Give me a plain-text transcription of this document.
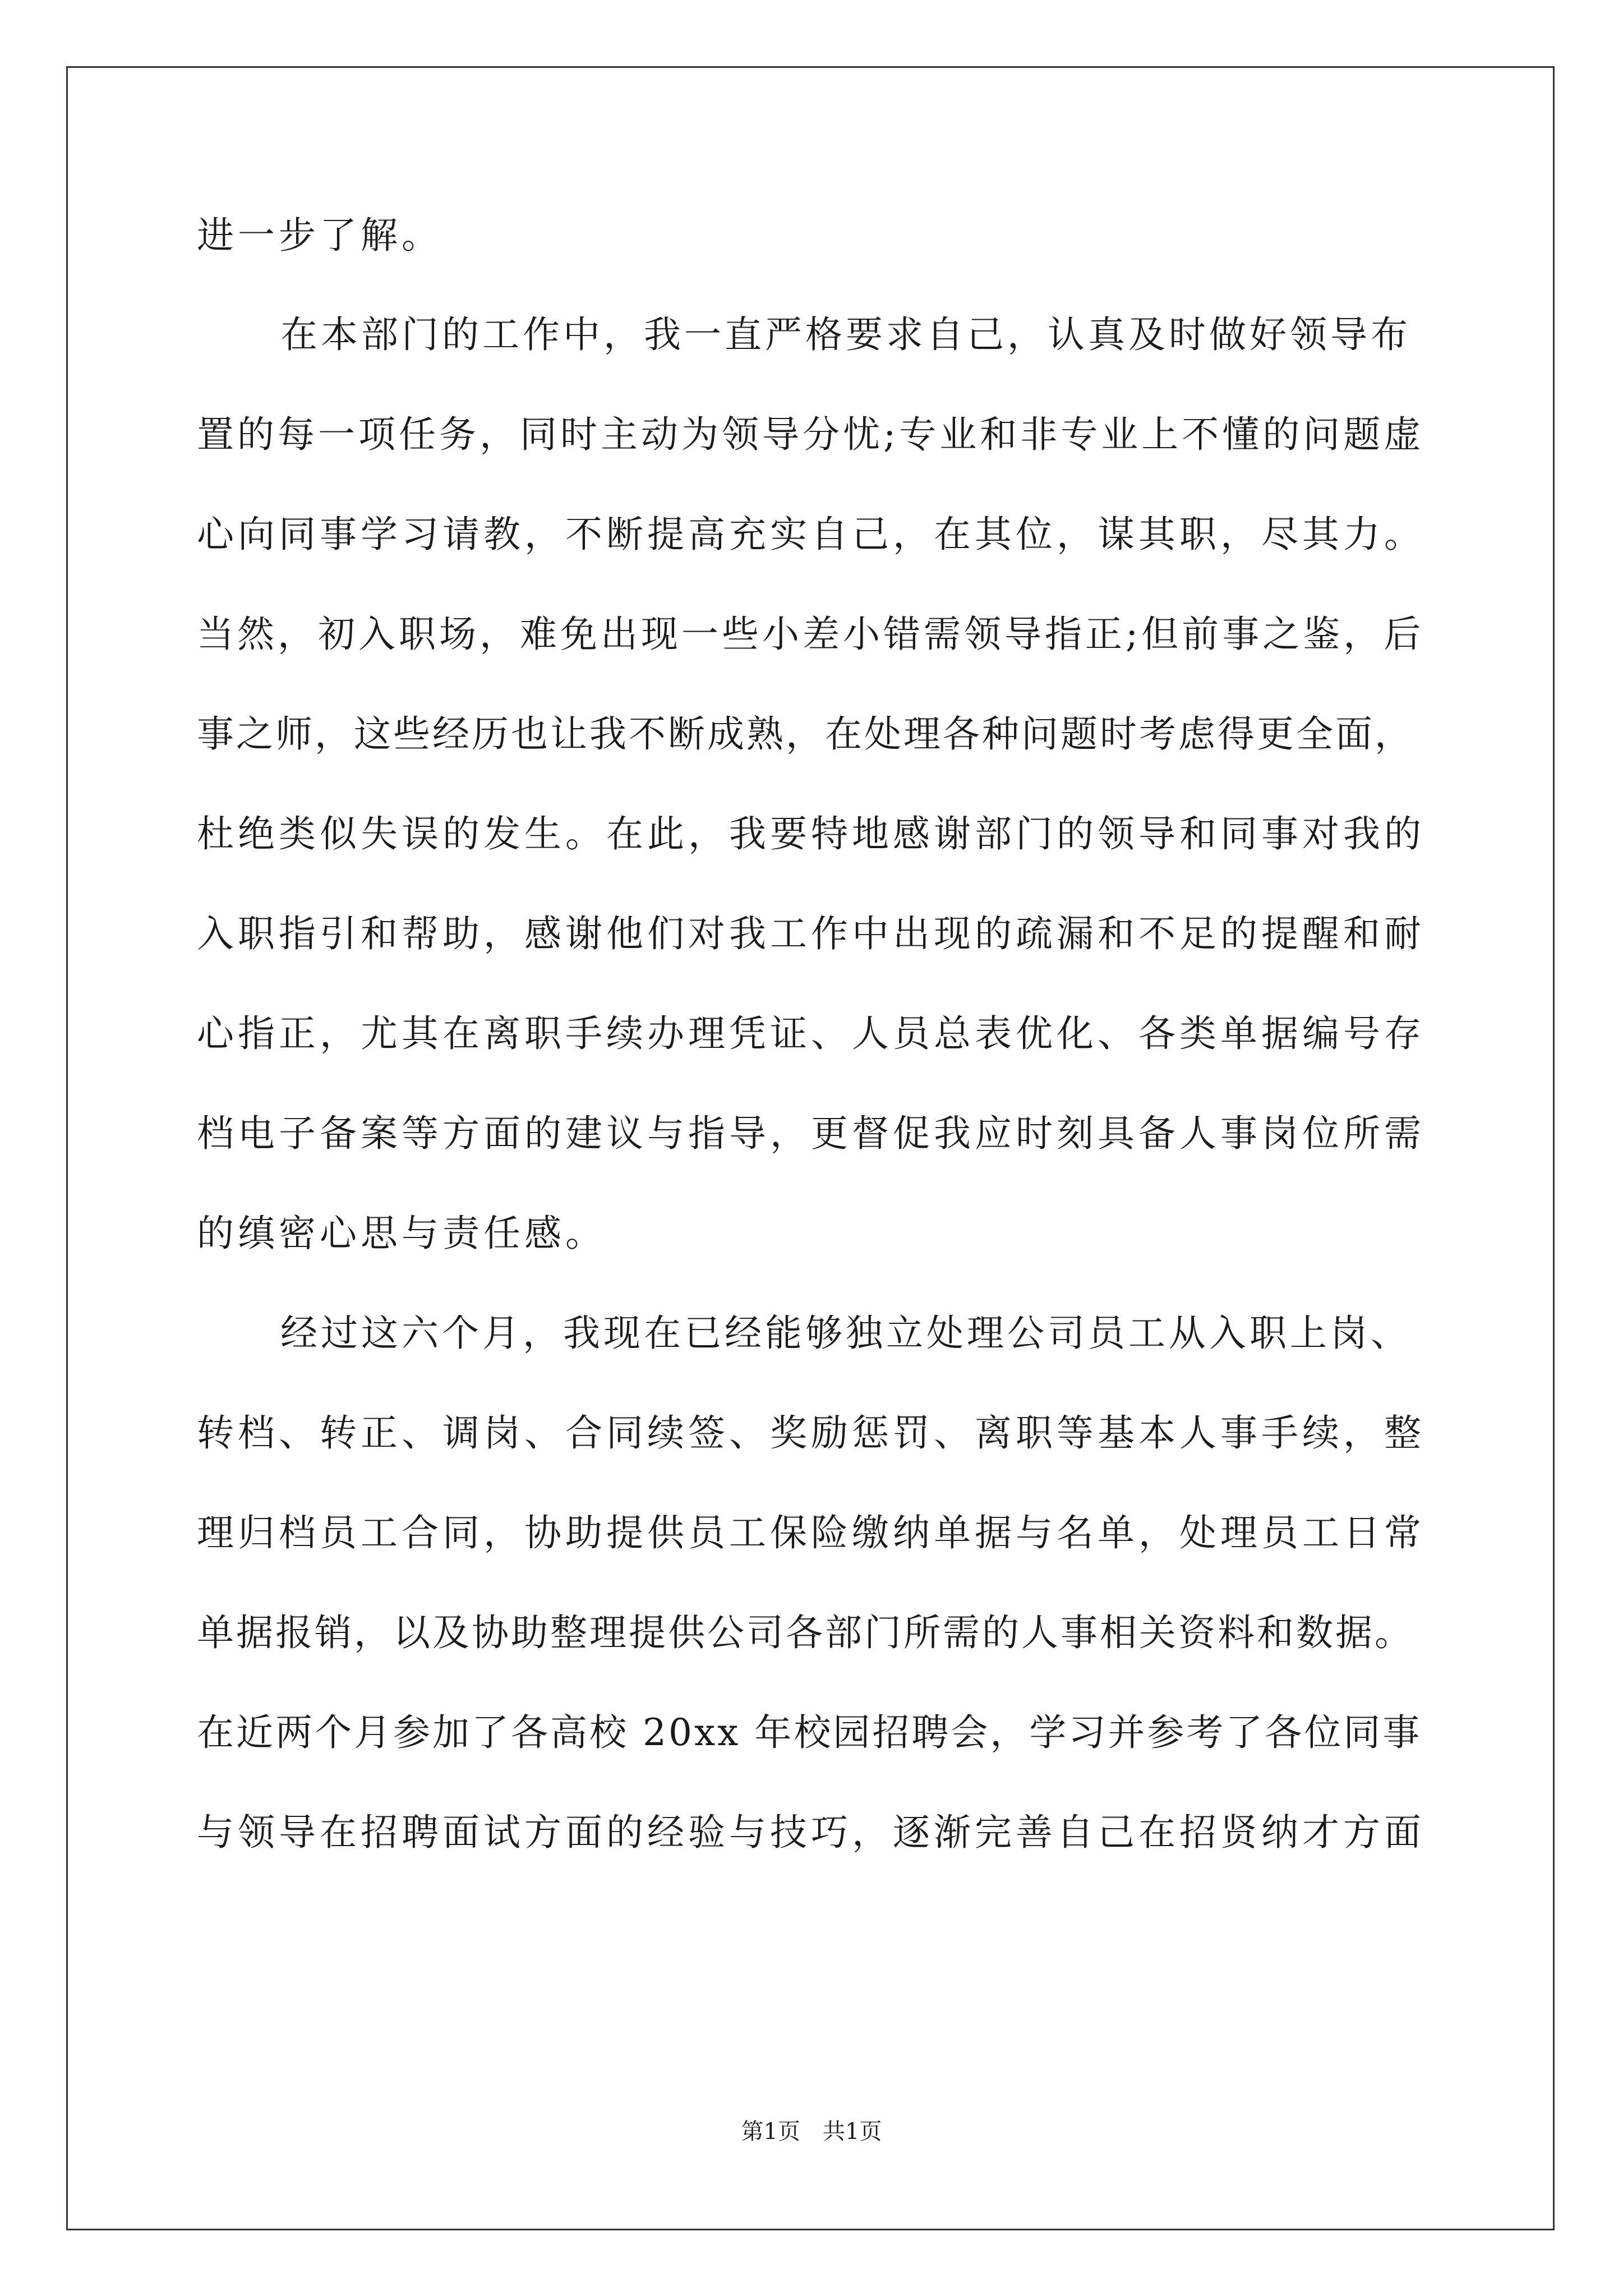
进一步了解。

在本部门的工作中，我一直严格要求自己，认真及时做好领导布

置的每一项任务，同时主动为领导分忧;专业和非专业上不懂的问题虚

心向同事学习请教，不断提高充实自己，在其位，谋其职，尽其力。

当然，初入职场，难免出现一些小差小错需领导指正;但前事之鉴，后

事之师，这些经历也让我不断成熟，在处理各种问题时考虑得更全面，

杜绝类似失误的发生。在此，我要特地感谢部门的领导和同事对我的

入职指引和帮助，感谢他们对我工作中出现的疏漏和不足的提醒和耐

心指正，尤其在离职手续办理凭证、人员总表优化、各类单据编号存

档电子备案等方面的建议与指导，更督促我应时刻具备人事岗位所需

的缜密心思与责任感。

经过这六个月，我现在已经能够独立处理公司员工从入职上岗、

转档、转正、调岗、合同续签、奖励惩罚、离职等基本人事手续，整

理归档员工合同，协助提供员工保险缴纳单据与名单，处理员工日常

单据报销，以及协助整理提供公司各部门所需的人事相关资料和数据。

在近两个月参加了各高校 20xx 年校园招聘会，学习并参考了各位同事

与领导在招聘面试方面的经验与技巧，逐渐完善自己在招贤纳才方面

第1页　共1页
